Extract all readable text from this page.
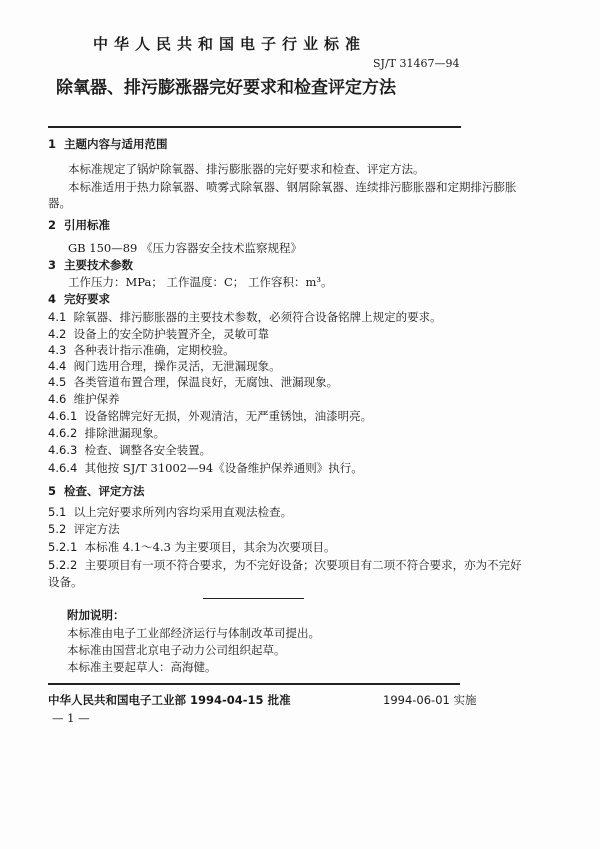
中华人民共和国电子行业标准
SJ/T 31467—94
除氧器、排污膨涨器完好要求和检查评定方法
1 主题内容与适用范围
本标准规定了锅炉除氧器、排污膨胀器的完好要求和检查、评定方法。
本标准适用于热力除氧器、喷雾式除氧器、钢屑除氧器、连续排污膨胀器和定期排污膨胀
器。
2 引用标准
GB 150—89 《压力容器安全技术监察规程》
3 主要技术参数
工作压力：MPa； 工作温度：C； 工作容积：m³。
4 完好要求
4.1 除氧器、排污膨胀器的主要技术参数，必须符合设备铭牌上规定的要求。
4.2 设备上的安全防护装置齐全，灵敏可靠
4.3 各种表计指示准确，定期校验。
4.4 阀门选用合理，操作灵活，无泄漏现象。
4.5 各类管道布置合理，保温良好，无腐蚀、泄漏现象。
4.6 维护保养
4.6.1 设备铭牌完好无损，外观清洁，无严重锈蚀，油漆明亮。
4.6.2 排除泄漏现象。
4.6.3 检查、调整各安全装置。
4.6.4 其他按 SJ/T 31002—94《设备维护保养通则》执行。
5 检查、评定方法
5.1 以上完好要求所列内容均采用直观法检查。
5.2 评定方法
5.2.1 本标准 4.1～4.3 为主要项目，其余为次要项目。
5.2.2 主要项目有一项不符合要求，为不完好设备；次要项目有二项不符合要求，亦为不完好
设备。
附加说明：
本标准由电子工业部经济运行与体制改革司提出。
本标准由国营北京电子动力公司组织起草。
本标准主要起草人：高海健。
中华人民共和国电子工业部 1994-04-15 批准	1994-06-01 实施
— 1 —
